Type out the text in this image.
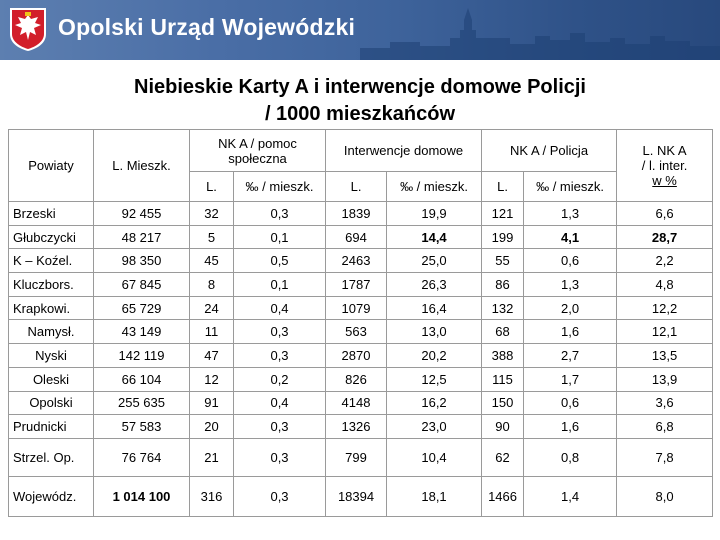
Opolski Urząd Wojewódzki
Niebieskie Karty A i interwencje domowe Policji
/ 1000 mieszkańców
Powiaty	L. Mieszk.	NK A / pomoc społeczna		Interwencje domowe		NK A / Policja		L. NK A
/ l. inter.
w %

		L.	‰ / mieszk.	L.	‰ / mieszk.	L.	‰ / mieszk.	
Brzeski	92 455	32	0,3	1839	19,9	121	1,3	6,6
Głubczycki	48 217	5	0,1	694	14,4	199	4,1	28,7
K – Koźel.	98 350	45	0,5	2463	25,0	55	0,6	2,2
Kluczbors.	67 845	8	0,1	1787	26,3	86	1,3	4,8
Krapkowi.	65 729	24	0,4	1079	16,4	132	2,0	12,2
Namysł.	43 149	11	0,3	563	13,0	68	1,6	12,1
Nyski	142 119	47	0,3	2870	20,2	388	2,7	13,5
Oleski	66 104	12	0,2	826	12,5	115	1,7	13,9
Opolski	255 635	91	0,4	4148	16,2	150	0,6	3,6
Prudnicki	57 583	20	0,3	1326	23,0	90	1,6	6,8
Strzel. Op.	76 764	21	0,3	799	10,4	62	0,8	7,8
Wojewódz.	1 014 100	316	0,3	18394	18,1	1466	1,4	8,0
